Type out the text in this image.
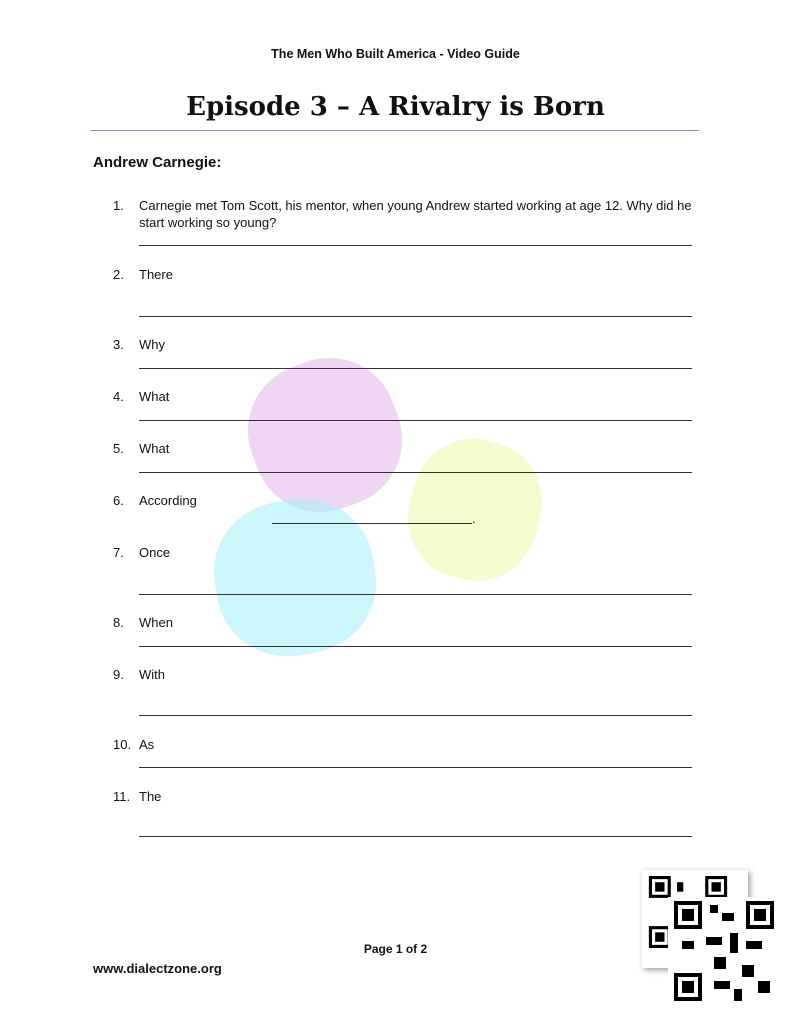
The Men Who Built America - Video Guide
Episode 3 – A Rivalry is Born
Andrew Carnegie:
1. Carnegie met Tom Scott, his mentor, when young Andrew started working at age 12. Why did he start working so young?
2. There
3. Why
4. What
5. What
6. According
.
7. Once
8. When
9. With
10. As
11. The
Page 1 of 2
www.dialectzone.org
